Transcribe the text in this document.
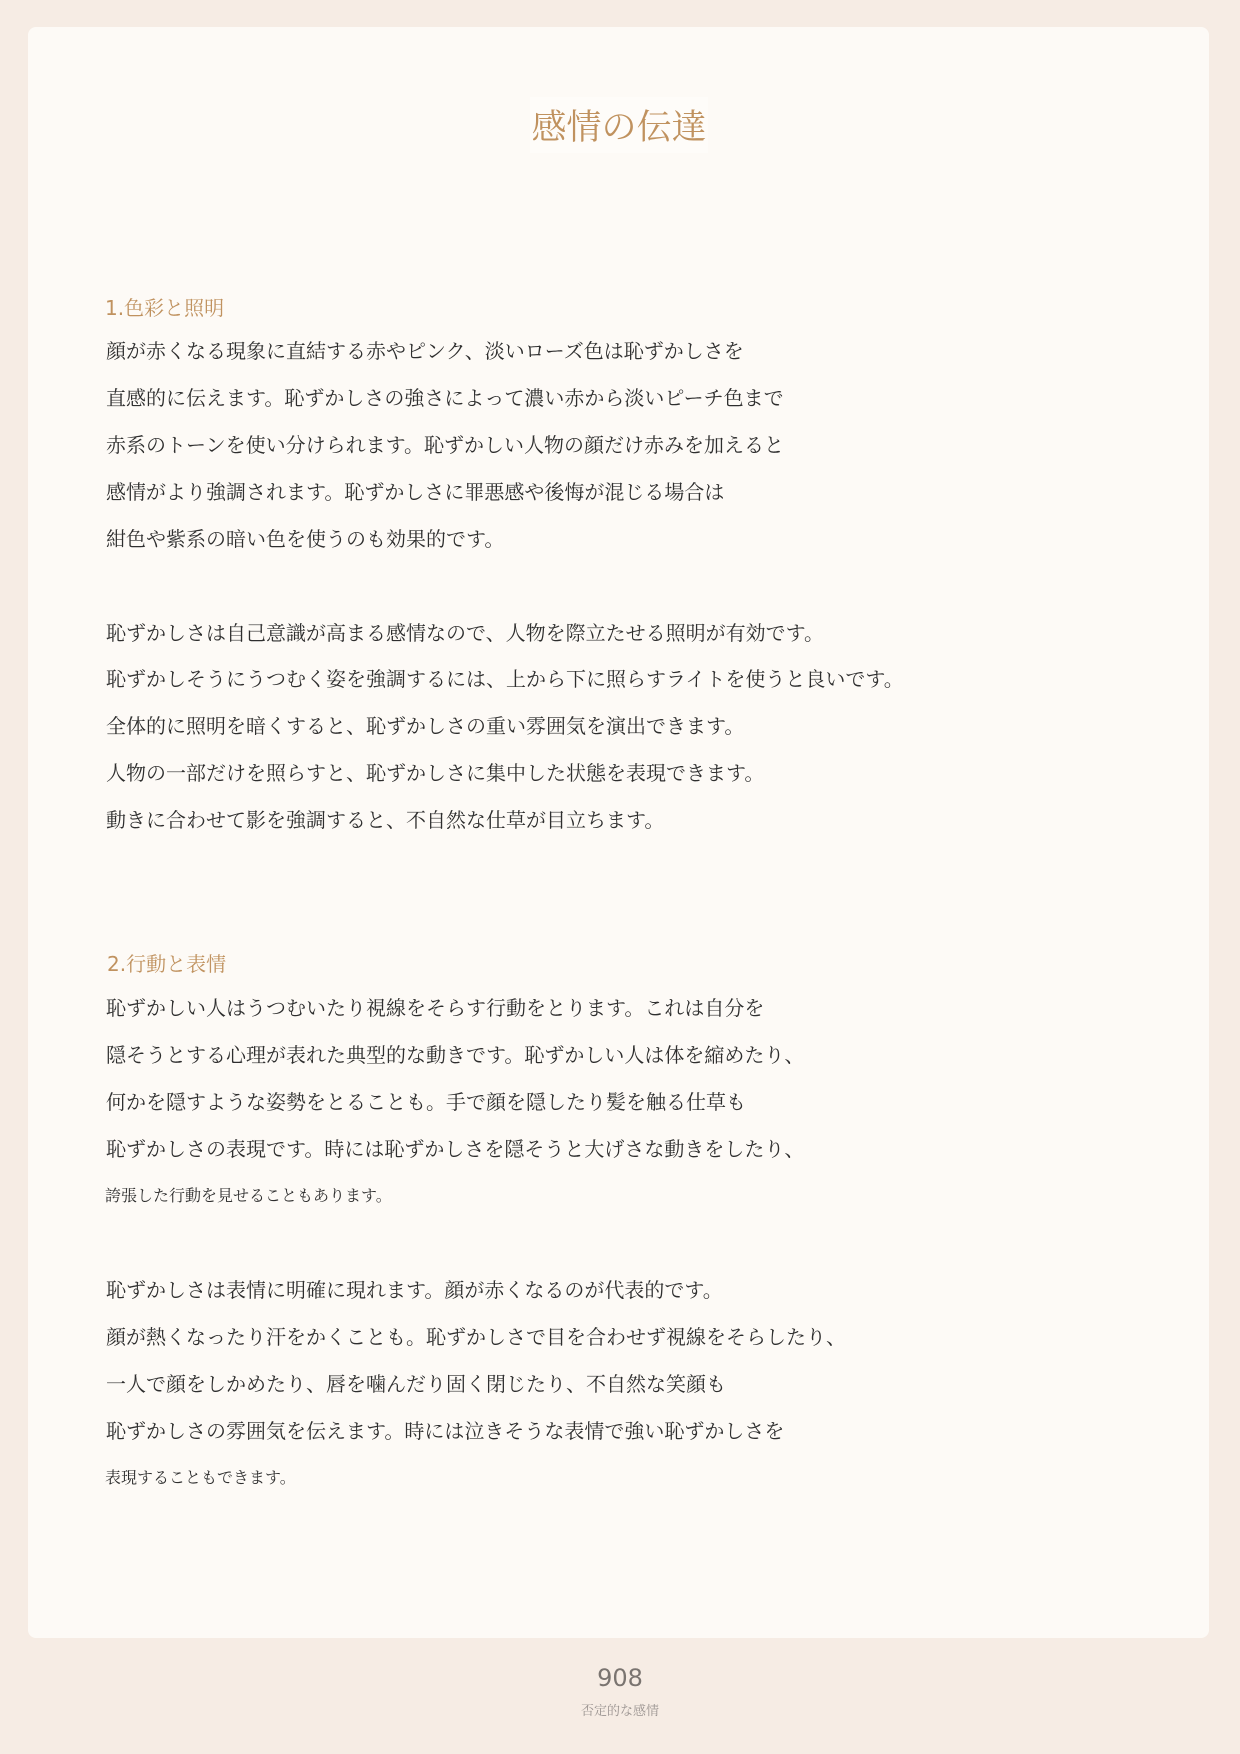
感情の伝達
1.色彩と照明
顔が赤くなる現象に直結する赤やピンク、淡いローズ色は恥ずかしさを
直感的に伝えます。恥ずかしさの強さによって濃い赤から淡いピーチ色まで
赤系のトーンを使い分けられます。恥ずかしい人物の顔だけ赤みを加えると
感情がより強調されます。恥ずかしさに罪悪感や後悔が混じる場合は
紺色や紫系の暗い色を使うのも効果的です。
恥ずかしさは自己意識が高まる感情なので、人物を際立たせる照明が有効です。
恥ずかしそうにうつむく姿を強調するには、上から下に照らすライトを使うと良いです。
全体的に照明を暗くすると、恥ずかしさの重い雰囲気を演出できます。
人物の一部だけを照らすと、恥ずかしさに集中した状態を表現できます。
動きに合わせて影を強調すると、不自然な仕草が目立ちます。
2.行動と表情
恥ずかしい人はうつむいたり視線をそらす行動をとります。これは自分を
隠そうとする心理が表れた典型的な動きです。恥ずかしい人は体を縮めたり、
何かを隠すような姿勢をとることも。手で顔を隠したり髪を触る仕草も
恥ずかしさの表現です。時には恥ずかしさを隠そうと大げさな動きをしたり、
誇張した行動を見せることもあります。
恥ずかしさは表情に明確に現れます。顔が赤くなるのが代表的です。
顔が熱くなったり汗をかくことも。恥ずかしさで目を合わせず視線をそらしたり、
一人で顔をしかめたり、唇を噛んだり固く閉じたり、不自然な笑顔も
恥ずかしさの雰囲気を伝えます。時には泣きそうな表情で強い恥ずかしさを
表現することもできます。
908
否定的な感情
